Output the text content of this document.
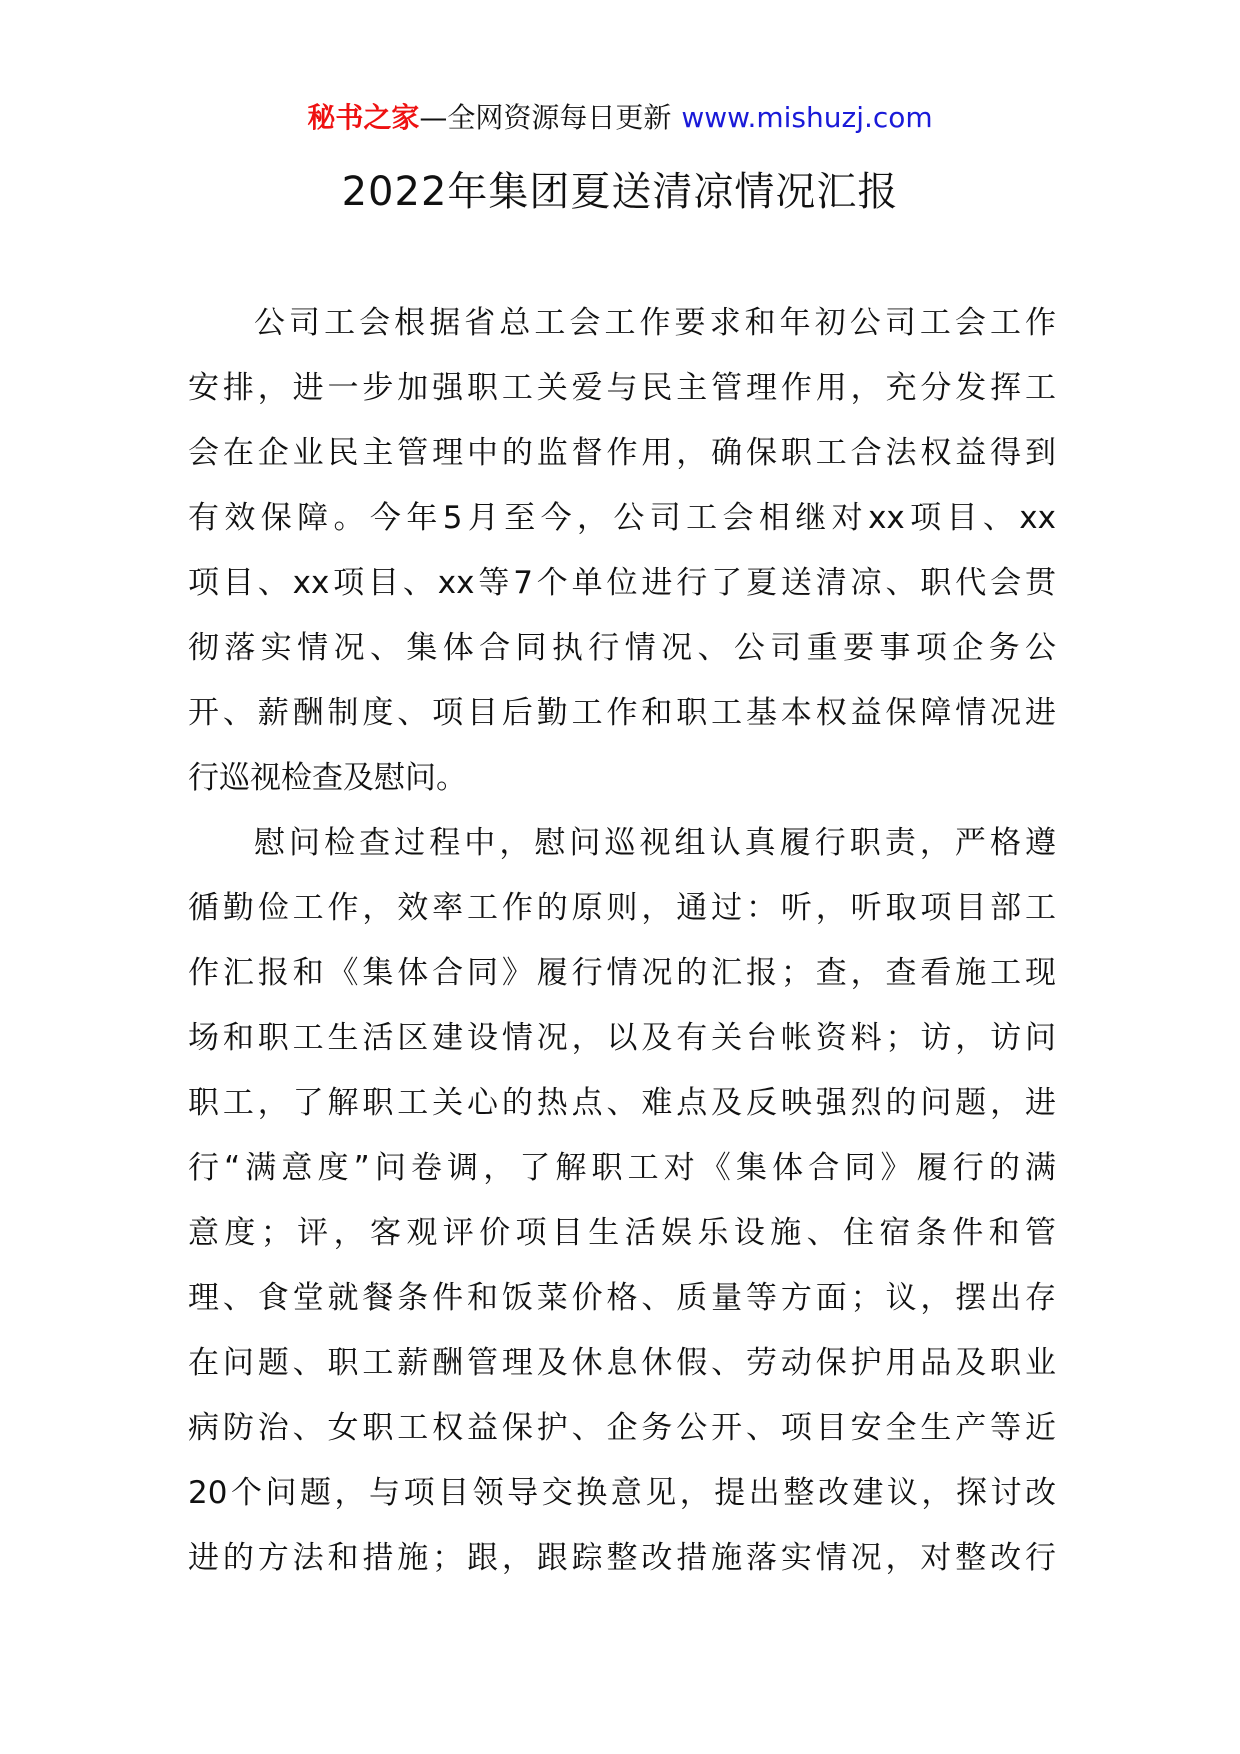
秘书之家—全网资源每日更新 www.mishuzj.com
2022年集团夏送清凉情况汇报
公司工会根据省总工会工作要求和年初公司工会工作
安排，进一步加强职工关爱与民主管理作用，充分发挥工
会在企业民主管理中的监督作用，确保职工合法权益得到
有效保障。今年5月至今，公司工会相继对xx项目、xx
项目、xx项目、xx等7个单位进行了夏送清凉、职代会贯
彻落实情况、集体合同执行情况、公司重要事项企务公
开、薪酬制度、项目后勤工作和职工基本权益保障情况进
行巡视检查及慰问。
慰问检查过程中，慰问巡视组认真履行职责，严格遵
循勤俭工作，效率工作的原则，通过：听，听取项目部工
作汇报和《集体合同》履行情况的汇报；查，查看施工现
场和职工生活区建设情况，以及有关台帐资料；访，访问
职工，了解职工关心的热点、难点及反映强烈的问题，进
行“满意度”问卷调，了解职工对《集体合同》履行的满
意度；评，客观评价项目生活娱乐设施、住宿条件和管
理、食堂就餐条件和饭菜价格、质量等方面；议，摆出存
在问题、职工薪酬管理及休息休假、劳动保护用品及职业
病防治、女职工权益保护、企务公开、项目安全生产等近
20个问题，与项目领导交换意见，提出整改建议，探讨改
进的方法和措施；跟，跟踪整改措施落实情况，对整改行
